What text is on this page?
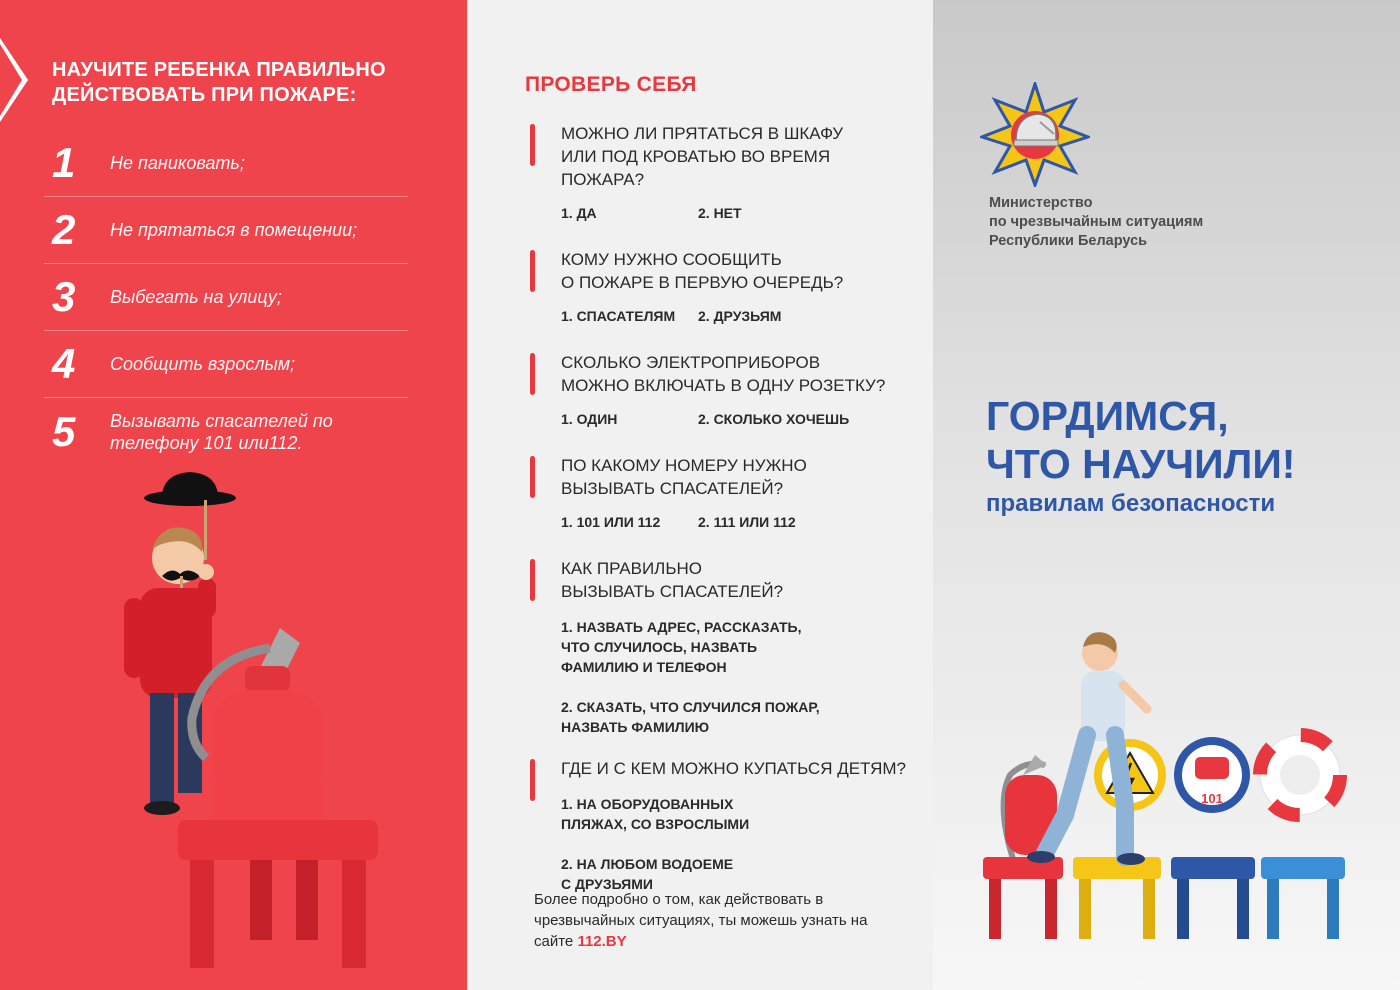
НАУЧИТЕ РЕБЕНКА ПРАВИЛЬНО ДЕЙСТВОВАТЬ ПРИ ПОЖАРЕ:
1	Не паниковать;
2	Не прятаться в помещении;
3	Выбегать на улицу;
4	Сообщить взрослым;
5	Вызывать спасателей по телефону 101 или112.
ПРОВЕРЬ СЕБЯ
МОЖНО ЛИ ПРЯТАТЬСЯ В ШКАФУ
ИЛИ ПОД КРОВАТЬЮ ВО ВРЕМЯ ПОЖАРА?
1. ДА	2. НЕТ
КОМУ НУЖНО СООБЩИТЬ
О ПОЖАРЕ В ПЕРВУЮ ОЧЕРЕДЬ?
1. СПАСАТЕЛЯМ	2. ДРУЗЬЯМ
СКОЛЬКО ЭЛЕКТРОПРИБОРОВ
МОЖНО ВКЛЮЧАТЬ В ОДНУ РОЗЕТКУ?
1. ОДИН	2. СКОЛЬКО ХОЧЕШЬ
ПО КАКОМУ НОМЕРУ НУЖНО
ВЫЗЫВАТЬ СПАСАТЕЛЕЙ?
1. 101 ИЛИ 112	2. 111 ИЛИ 112
КАК ПРАВИЛЬНО
ВЫЗЫВАТЬ СПАСАТЕЛЕЙ?
1. НАЗВАТЬ АДРЕС, РАССКАЗАТЬ,
ЧТО СЛУЧИЛОСЬ, НАЗВАТЬ
ФАМИЛИЮ И ТЕЛЕФОН
2. СКАЗАТЬ, ЧТО СЛУЧИЛСЯ ПОЖАР,
НАЗВАТЬ ФАМИЛИЮ
ГДЕ И С КЕМ МОЖНО КУПАТЬСЯ ДЕТЯМ?
1. НА ОБОРУДОВАННЫХ
ПЛЯЖАХ, СО ВЗРОСЛЫМИ
2. НА ЛЮБОМ ВОДОЕМЕ
С ДРУЗЬЯМИ
Более подробно о том, как действовать в чрезвычайных ситуациях, ты можешь узнать на сайте 112.BY
Министерство
по чрезвычайным ситуациям
Республики Беларусь
ГОРДИМСЯ,
ЧТО НАУЧИЛИ!
правилам безопасности
101
